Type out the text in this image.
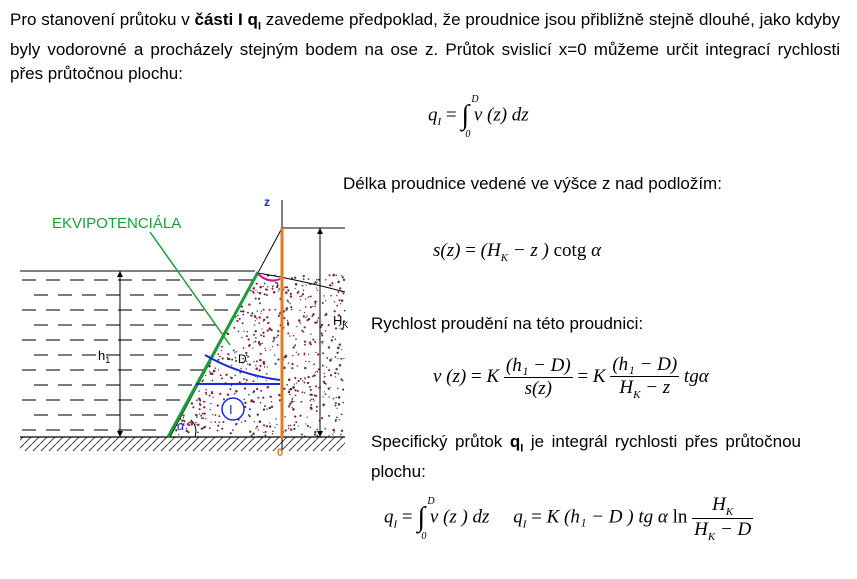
Pro stanovení průtoku v části I $q_I$ zavedeme předpoklad, že proudnice jsou přibližně stejně dlouhé, jako kdyby byly vodorovné a procházely stejným bodem na ose z. Průtok svislicí x=0 můžeme určit integrací rychlosti přes průtočnou plochu:
$q_I$ = ∫
D
0
v (z) dz
Délka proudnice vedené ve výšce z nad podložím:
$s(z) = (H_K - z$ ) cotg α
Rychlost proudění na této proudnici:
v (z) = K $\frac{\text{(h₁ − D)}}{s(z)} = K \frac{\text{(h₁ − D)}}{H_K - z}$ tgα
Specifický průtok $q_I$ je integrál rychlosti přes průtočnou plochu:
$q_I$ = ∫
D
0
v (z ) dz $q_I = K$ (h₁ − D ) tg α $\ln \frac{H_K}{H_K - D}$
EKVIPOTENCIÁLA
z
$H_K$
$h_1$	D
I
α
0
